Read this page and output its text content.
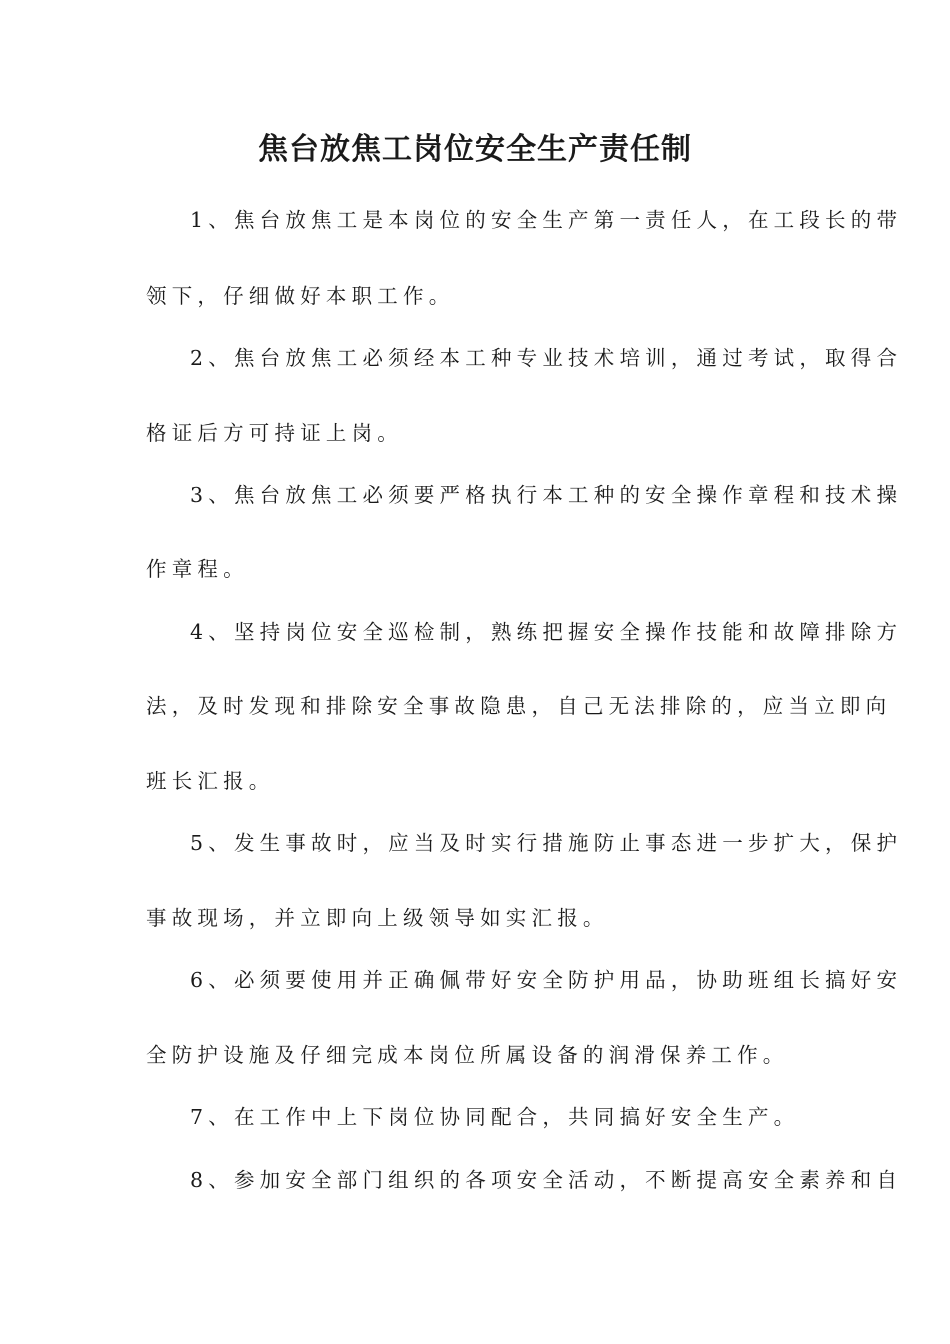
焦台放焦工岗位安全生产责任制
1、焦台放焦工是本岗位的安全生产第一责任人，在工段长的带
领下，仔细做好本职工作。
2、焦台放焦工必须经本工种专业技术培训，通过考试，取得合
格证后方可持证上岗。
3、焦台放焦工必须要严格执行本工种的安全操作章程和技术操
作章程。
4、坚持岗位安全巡检制，熟练把握安全操作技能和故障排除方
法，及时发现和排除安全事故隐患，自己无法排除的，应当立即向
班长汇报。
5、发生事故时，应当及时实行措施防止事态进一步扩大，保护
事故现场，并立即向上级领导如实汇报。
6、必须要使用并正确佩带好安全防护用品，协助班组长搞好安
全防护设施及仔细完成本岗位所属设备的润滑保养工作。
7、在工作中上下岗位协同配合，共同搞好安全生产。
8、参加安全部门组织的各项安全活动，不断提高安全素养和自
